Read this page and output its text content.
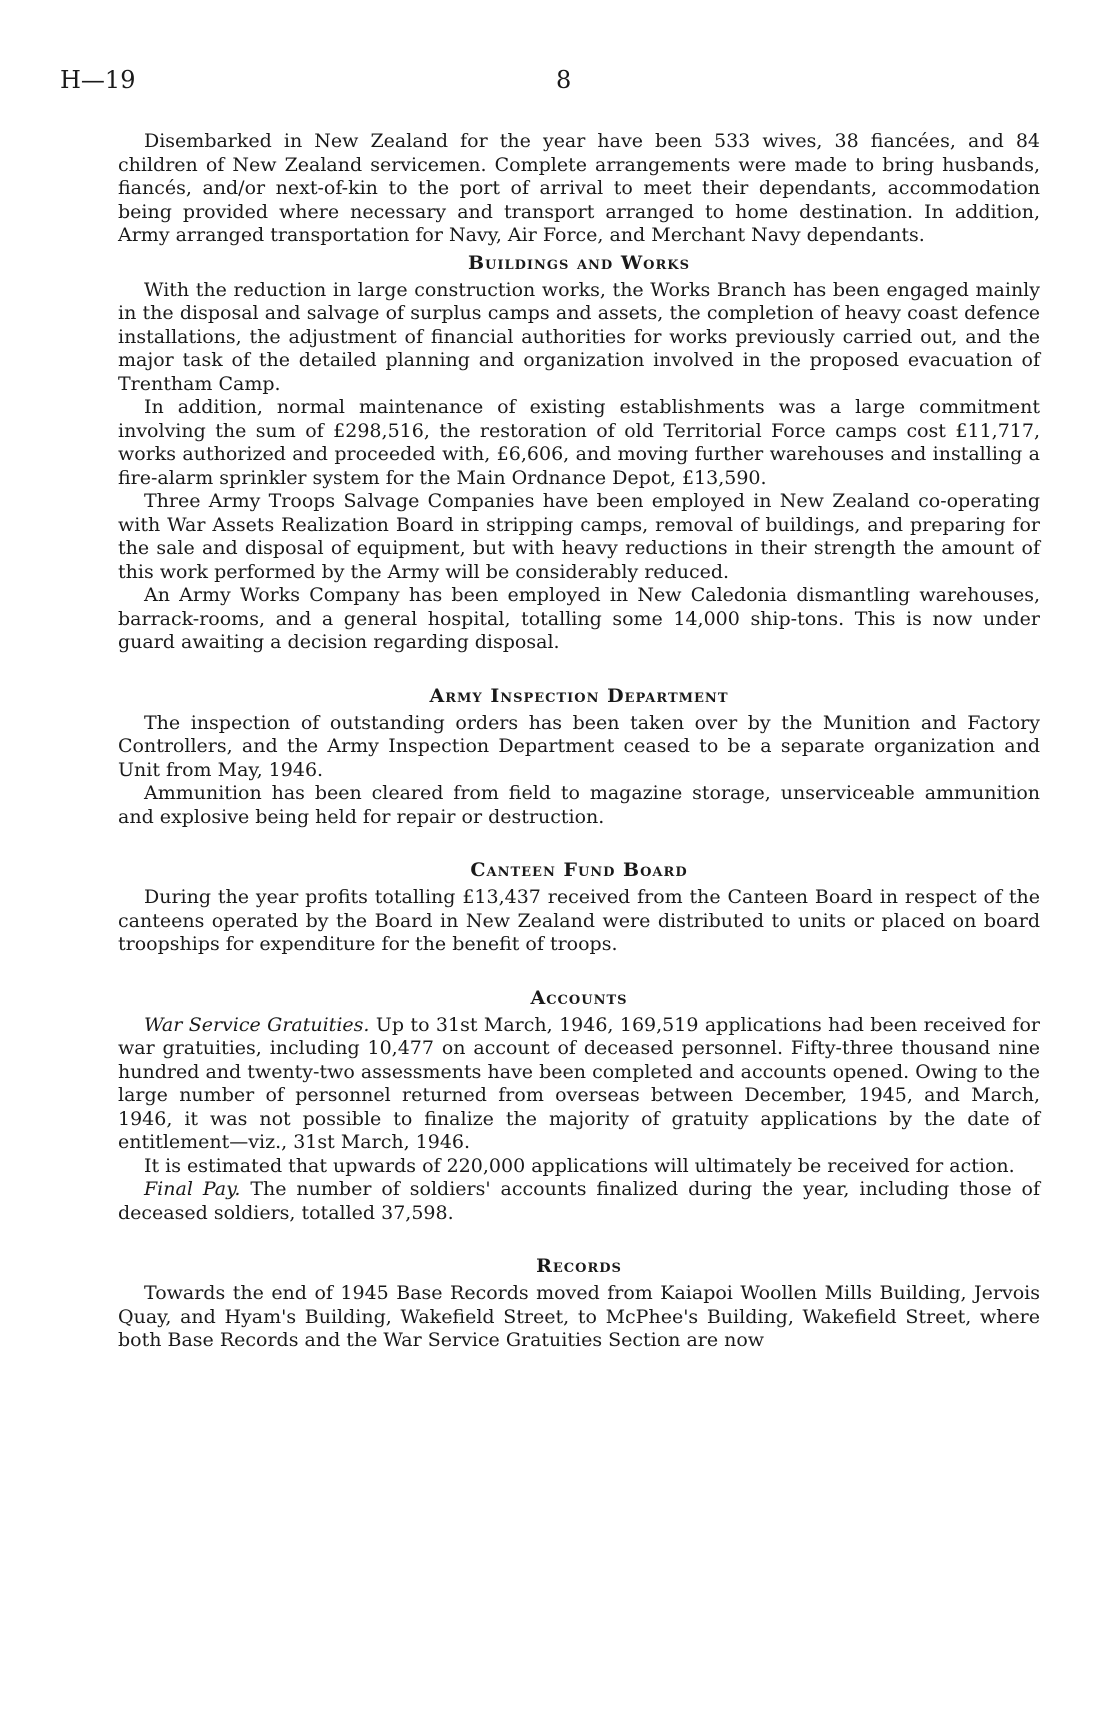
H—19	8

Disembarked in New Zealand for the year have been 533 wives, 38 fiancées, and 84 children of New Zealand servicemen. Complete arrangements were made to bring husbands, fiancés, and/or next-of-kin to the port of arrival to meet their dependants, accommodation being provided where necessary and transport arranged to home destination. In addition, Army arranged transportation for Navy, Air Force, and Merchant Navy dependants.

Buildings and Works

With the reduction in large construction works, the Works Branch has been engaged mainly in the disposal and salvage of surplus camps and assets, the completion of heavy coast defence installations, the adjustment of financial authorities for works previously carried out, and the major task of the detailed planning and organization involved in the proposed evacuation of Trentham Camp.

In addition, normal maintenance of existing establishments was a large commitment involving the sum of £298,516, the restoration of old Territorial Force camps cost £11,717, works authorized and proceeded with, £6,606, and moving further warehouses and installing a fire-alarm sprinkler system for the Main Ordnance Depot, £13,590.

Three Army Troops Salvage Companies have been employed in New Zealand co-operating with War Assets Realization Board in stripping camps, removal of buildings, and preparing for the sale and disposal of equipment, but with heavy reductions in their strength the amount of this work performed by the Army will be considerably reduced.

An Army Works Company has been employed in New Caledonia dismantling warehouses, barrack-rooms, and a general hospital, totalling some 14,000 ship-tons. This is now under guard awaiting a decision regarding disposal.

Army Inspection Department

The inspection of outstanding orders has been taken over by the Munition and Factory Controllers, and the Army Inspection Department ceased to be a separate organization and Unit from May, 1946.

Ammunition has been cleared from field to magazine storage, unserviceable ammunition and explosive being held for repair or destruction.

Canteen Fund Board

During the year profits totalling £13,437 received from the Canteen Board in respect of the canteens operated by the Board in New Zealand were distributed to units or placed on board troopships for expenditure for the benefit of troops.

Accounts

War Service Gratuities. Up to 31st March, 1946, 169,519 applications had been received for war gratuities, including 10,477 on account of deceased personnel. Fifty-three thousand nine hundred and twenty-two assessments have been completed and accounts opened. Owing to the large number of personnel returned from overseas between December, 1945, and March, 1946, it was not possible to finalize the majority of gratuity applications by the date of entitlement—viz., 31st March, 1946.

It is estimated that upwards of 220,000 applications will ultimately be received for action.

Final Pay. The number of soldiers' accounts finalized during the year, including those of deceased soldiers, totalled 37,598.

Records

Towards the end of 1945 Base Records moved from Kaiapoi Woollen Mills Building, Jervois Quay, and Hyam's Building, Wakefield Street, to McPhee's Building, Wakefield Street, where both Base Records and the War Service Gratuities Section are now
